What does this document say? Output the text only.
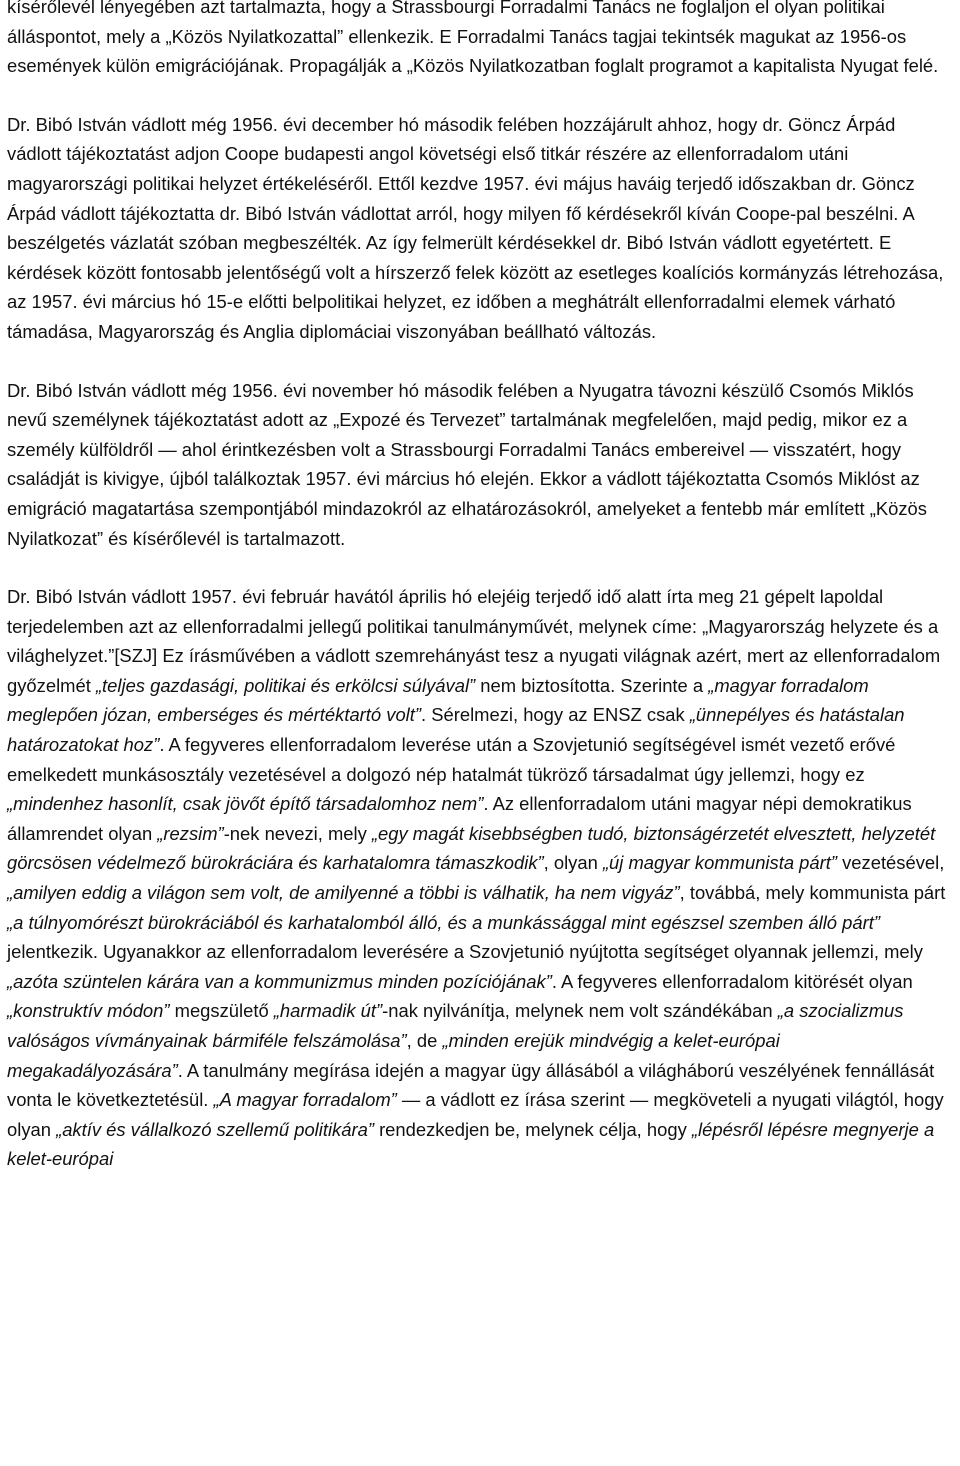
kísérőlevél lényegében azt tartalmazta, hogy a Strassbourgi Forradalmi Tanács ne foglaljon el olyan politikai álláspontot, mely a „Közös Nyilatkozattal” ellenkezik. E Forradalmi Tanács tagjai tekintsék magukat az 1956-os események külön emigrációjának. Propagálják a „Közös Nyilatkozatban foglalt programot a kapitalista Nyugat felé.

Dr. Bibó István vádlott még 1956. évi december hó második felében hozzájárult ahhoz, hogy dr. Göncz Árpád vádlott tájékoztatást adjon Coope budapesti angol követségi első titkár részére az ellenforradalom utáni magyarországi politikai helyzet értékeléséről. Ettől kezdve 1957. évi május haváig terjedő időszakban dr. Göncz Árpád vádlott tájékoztatta dr. Bibó István vádlottat arról, hogy milyen fő kérdésekről kíván Coope-pal beszélni. A beszélgetés vázlatát szóban megbeszélték. Az így felmerült kérdésekkel dr. Bibó István vádlott egyetértett. E kérdések között fontosabb jelentőségű volt a hírszerző felek között az esetleges koalíciós kormányzás létrehozása, az 1957. évi március hó 15-e előtti belpolitikai helyzet, ez időben a meghátrált ellenforradalmi elemek várható támadása, Magyarország és Anglia diplomáciai viszonyában beállható változás.

Dr. Bibó István vádlott még 1956. évi november hó második felében a Nyugatra távozni készülő Csomós Miklós nevű személynek tájékoztatást adott az „Expozé és Tervezet” tartalmának megfelelően, majd pedig, mikor ez a személy külföldről — ahol érintkezésben volt a Strassbourgi Forradalmi Tanács embereivel — visszatért, hogy családját is kivigye, újból találkoztak 1957. évi március hó elején. Ekkor a vádlott tájékoztatta Csomós Miklóst az emigráció magatartása szempontjából mindazokról az elhatározásokról, amelyeket a fentebb már említett „Közös Nyilatkozat” és kísérőlevél is tartalmazott.

Dr. Bibó István vádlott 1957. évi február havától április hó elejéig terjedő idő alatt írta meg 21 gépelt lapoldal terjedelemben azt az ellenforradalmi jellegű politikai tanulmányművét, melynek címe: „Magyarország helyzete és a világhelyzet.”[SZJ] Ez írásművében a vádlott szemrehányást tesz a nyugati világnak azért, mert az ellenforradalom győzelmét „teljes gazdasági, politikai és erkölcsi súlyával” nem biztosította. Szerinte a „magyar forradalom meglepően józan, emberséges és mértéktartó volt”. Sérelmezi, hogy az ENSZ csak „ünnepélyes és hatástalan határozatokat hoz”. A fegyveres ellenforradalom leverése után a Szovjetunió segítségével ismét vezető erővé emelkedett munkásosztály vezetésével a dolgozó nép hatalmát tükröző társadalmat úgy jellemzi, hogy ez „mindenhez hasonlít, csak jövőt építő társadalomhoz nem”. Az ellenforradalom utáni magyar népi demokratikus államrendet olyan „rezsim”-nek nevezi, mely „egy magát kisebbségben tudó, biztonságérzetét elvesztett, helyzetét görcsösen védelmező bürokráciára és karhatalomra támaszkodik”, olyan „új magyar kommunista párt” vezetésével, „amilyen eddig a világon sem volt, de amilyenné a többi is válhatik, ha nem vigyáz”, továbbá, mely kommunista párt „a túlnyomórészt bürokráciából és karhatalomból álló, és a munkássággal mint egészsel szemben álló párt” jelentkezik. Ugyanakkor az ellenforradalom leverésére a Szovjetunió nyújtotta segítséget olyannak jellemzi, mely „azóta szüntelen kárára van a kommunizmus minden pozíciójának”. A fegyveres ellenforradalom kitörését olyan „konstruktív módon” megszülető „harmadik út”-nak nyilvánítja, melynek nem volt szándékában „a szocializmus valóságos vívmányainak bármiféle felszámolása”, de „minden erejük mindvégig a kelet-európai megakadályozására”. A tanulmány megírása idején a magyar ügy állásából a világháború veszélyének fennállását vonta le következtetésül. „A magyar forradalom” — a vádlott ez írása szerint — megköveteli a nyugati világtól, hogy olyan „aktív és vállalkozó szellemű politikára” rendezkedjen be, melynek célja, hogy „lépésről lépésre megnyerje a kelet-európai
